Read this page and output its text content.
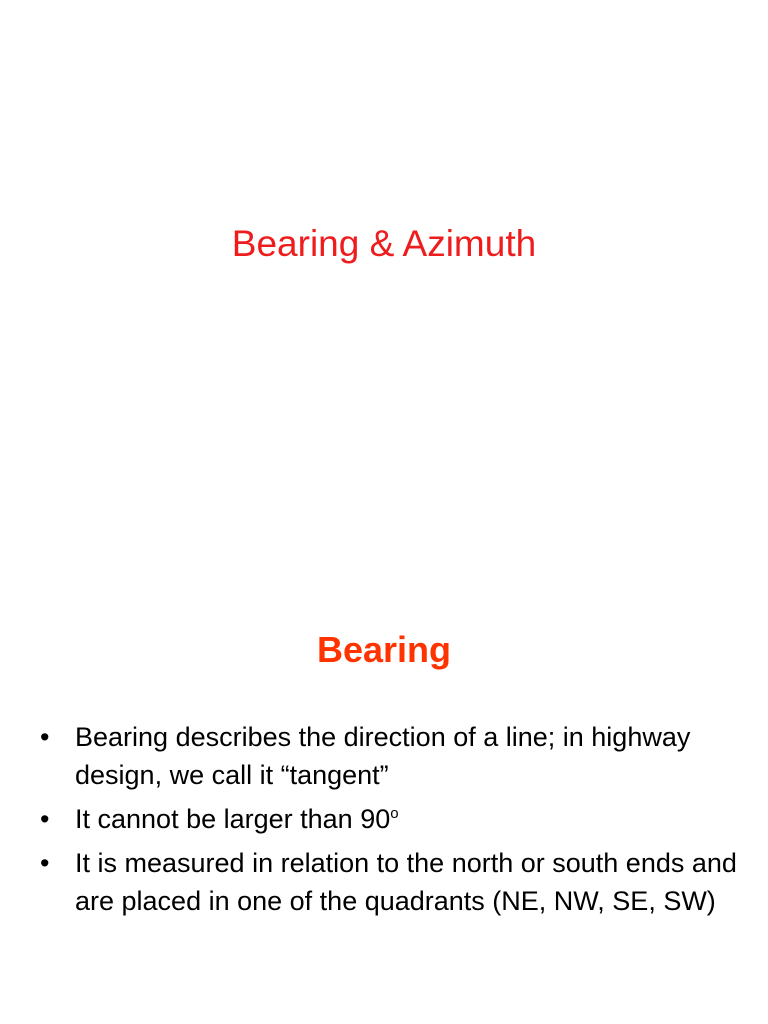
Bearing & Azimuth
Bearing
• Bearing describes the direction of a line; in highway design, we call it “tangent”
• It cannot be larger than 90$^o$
• It is measured in relation to the north or south ends and are placed in one of the quadrants (NE, NW, SE, SW)
